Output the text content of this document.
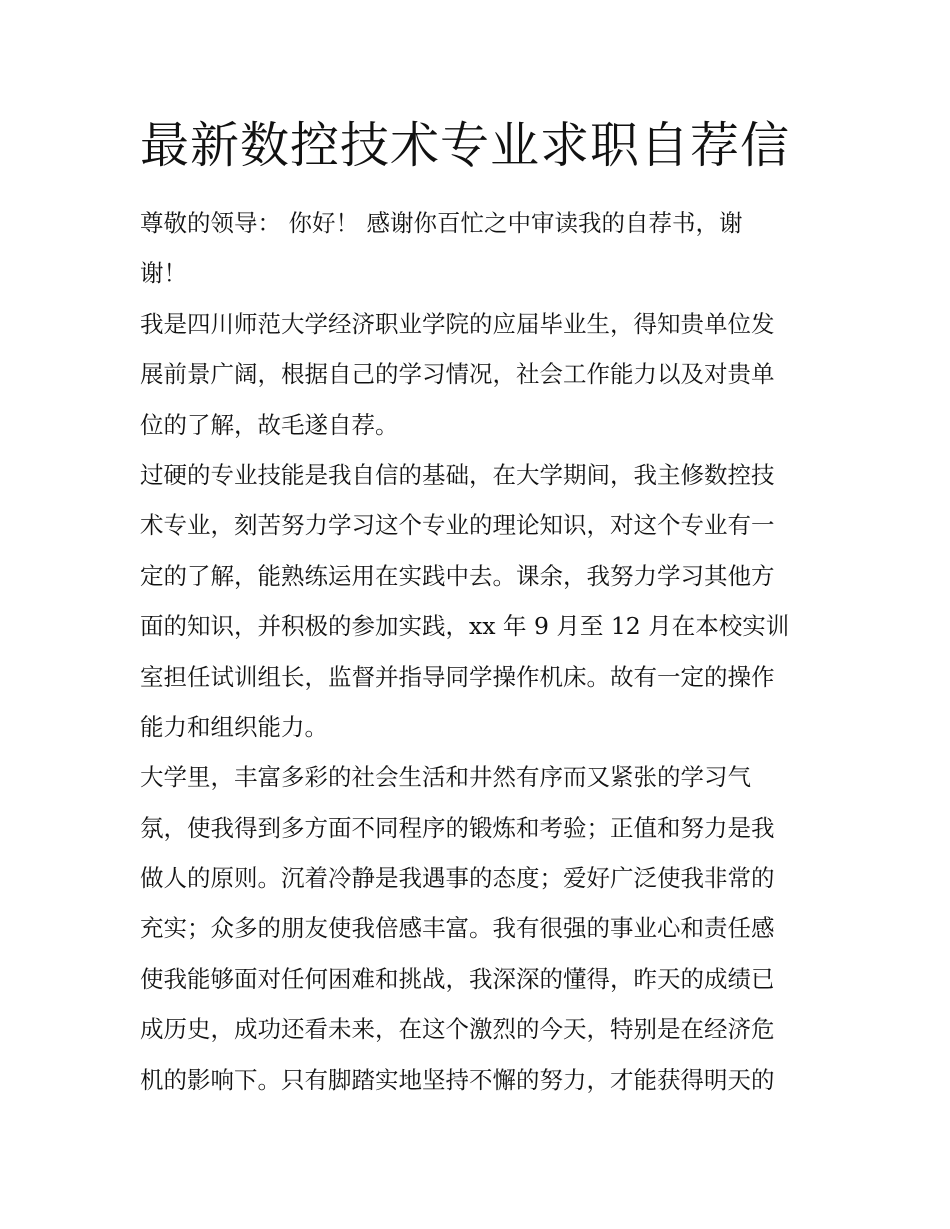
最新数控技术专业求职自荐信
尊敬的领导： 你好！ 感谢你百忙之中审读我的自荐书，谢
谢！
我是四川师范大学经济职业学院的应届毕业生，得知贵单位发
展前景广阔，根据自己的学习情况，社会工作能力以及对贵单
位的了解，故毛遂自荐。
过硬的专业技能是我自信的基础，在大学期间，我主修数控技
术专业，刻苦努力学习这个专业的理论知识，对这个专业有一
定的了解，能熟练运用在实践中去。课余，我努力学习其他方
面的知识，并积极的参加实践，xx 年 9 月至 12 月在本校实训
室担任试训组长，监督并指导同学操作机床。故有一定的操作
能力和组织能力。
大学里，丰富多彩的社会生活和井然有序而又紧张的学习气
氛，使我得到多方面不同程序的锻炼和考验；正值和努力是我
做人的原则。沉着冷静是我遇事的态度；爱好广泛使我非常的
充实；众多的朋友使我倍感丰富。我有很强的事业心和责任感
使我能够面对任何困难和挑战，我深深的懂得，昨天的成绩已
成历史，成功还看未来，在这个激烈的今天，特别是在经济危
机的影响下。只有脚踏实地坚持不懈的努力，才能获得明天的
